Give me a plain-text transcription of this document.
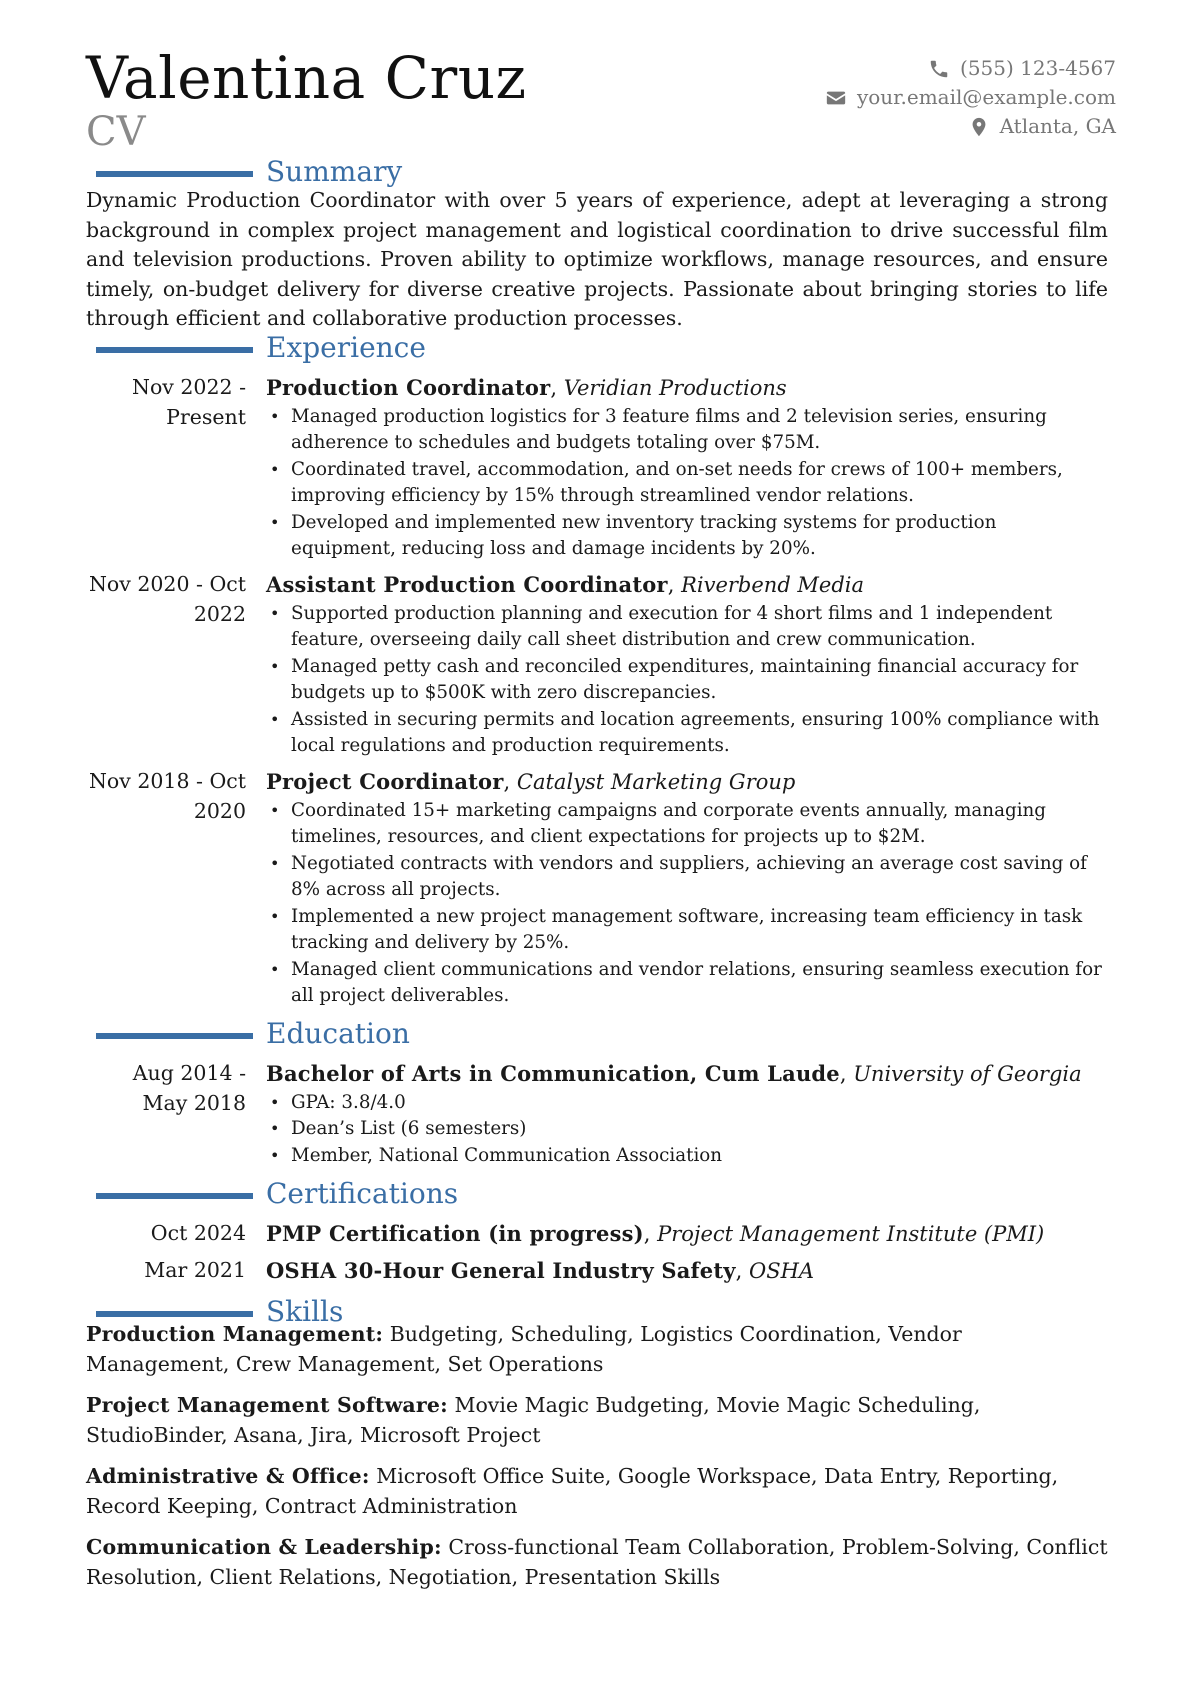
Valentina Cruz
CV
(555) 123-4567
your.email@example.com
Atlanta, GA
Summary
Dynamic Production Coordinator with over 5 years of experience, adept at leveraging a strong background in complex project management and logistical coordination to drive successful film and television productions. Proven ability to optimize workflows, manage resources, and ensure timely, on-budget delivery for diverse creative projects. Passionate about bringing stories to life through efficient and collaborative production processes.
Experience
Nov 2022 - Present
Production Coordinator, Veridian Productions
• Managed production logistics for 3 feature films and 2 television series, ensuring adherence to schedules and budgets totaling over $75M.
• Coordinated travel, accommodation, and on-set needs for crews of 100+ members, improving efficiency by 15% through streamlined vendor relations.
• Developed and implemented new inventory tracking systems for production equipment, reducing loss and damage incidents by 20%.
Nov 2020 - Oct 2022
Assistant Production Coordinator, Riverbend Media
• Supported production planning and execution for 4 short films and 1 independent feature, overseeing daily call sheet distribution and crew communication.
• Managed petty cash and reconciled expenditures, maintaining financial accuracy for budgets up to $500K with zero discrepancies.
• Assisted in securing permits and location agreements, ensuring 100% compliance with local regulations and production requirements.
Nov 2018 - Oct 2020
Project Coordinator, Catalyst Marketing Group
• Coordinated 15+ marketing campaigns and corporate events annually, managing timelines, resources, and client expectations for projects up to $2M.
• Negotiated contracts with vendors and suppliers, achieving an average cost saving of 8% across all projects.
• Implemented a new project management software, increasing team efficiency in task tracking and delivery by 25%.
• Managed client communications and vendor relations, ensuring seamless execution for all project deliverables.
Education
Aug 2014 - May 2018
Bachelor of Arts in Communication, Cum Laude, University of Georgia
• GPA: 3.8/4.0
• Dean’s List (6 semesters)
• Member, National Communication Association
Certifications
Oct 2024 PMP Certification (in progress), Project Management Institute (PMI)
Mar 2021 OSHA 30-Hour General Industry Safety, OSHA
Skills
Production Management: Budgeting, Scheduling, Logistics Coordination, Vendor Management, Crew Management, Set Operations
Project Management Software: Movie Magic Budgeting, Movie Magic Scheduling, StudioBinder, Asana, Jira, Microsoft Project
Administrative & Office: Microsoft Office Suite, Google Workspace, Data Entry, Reporting, Record Keeping, Contract Administration
Communication & Leadership: Cross-functional Team Collaboration, Problem-Solving, Conflict Resolution, Client Relations, Negotiation, Presentation Skills
